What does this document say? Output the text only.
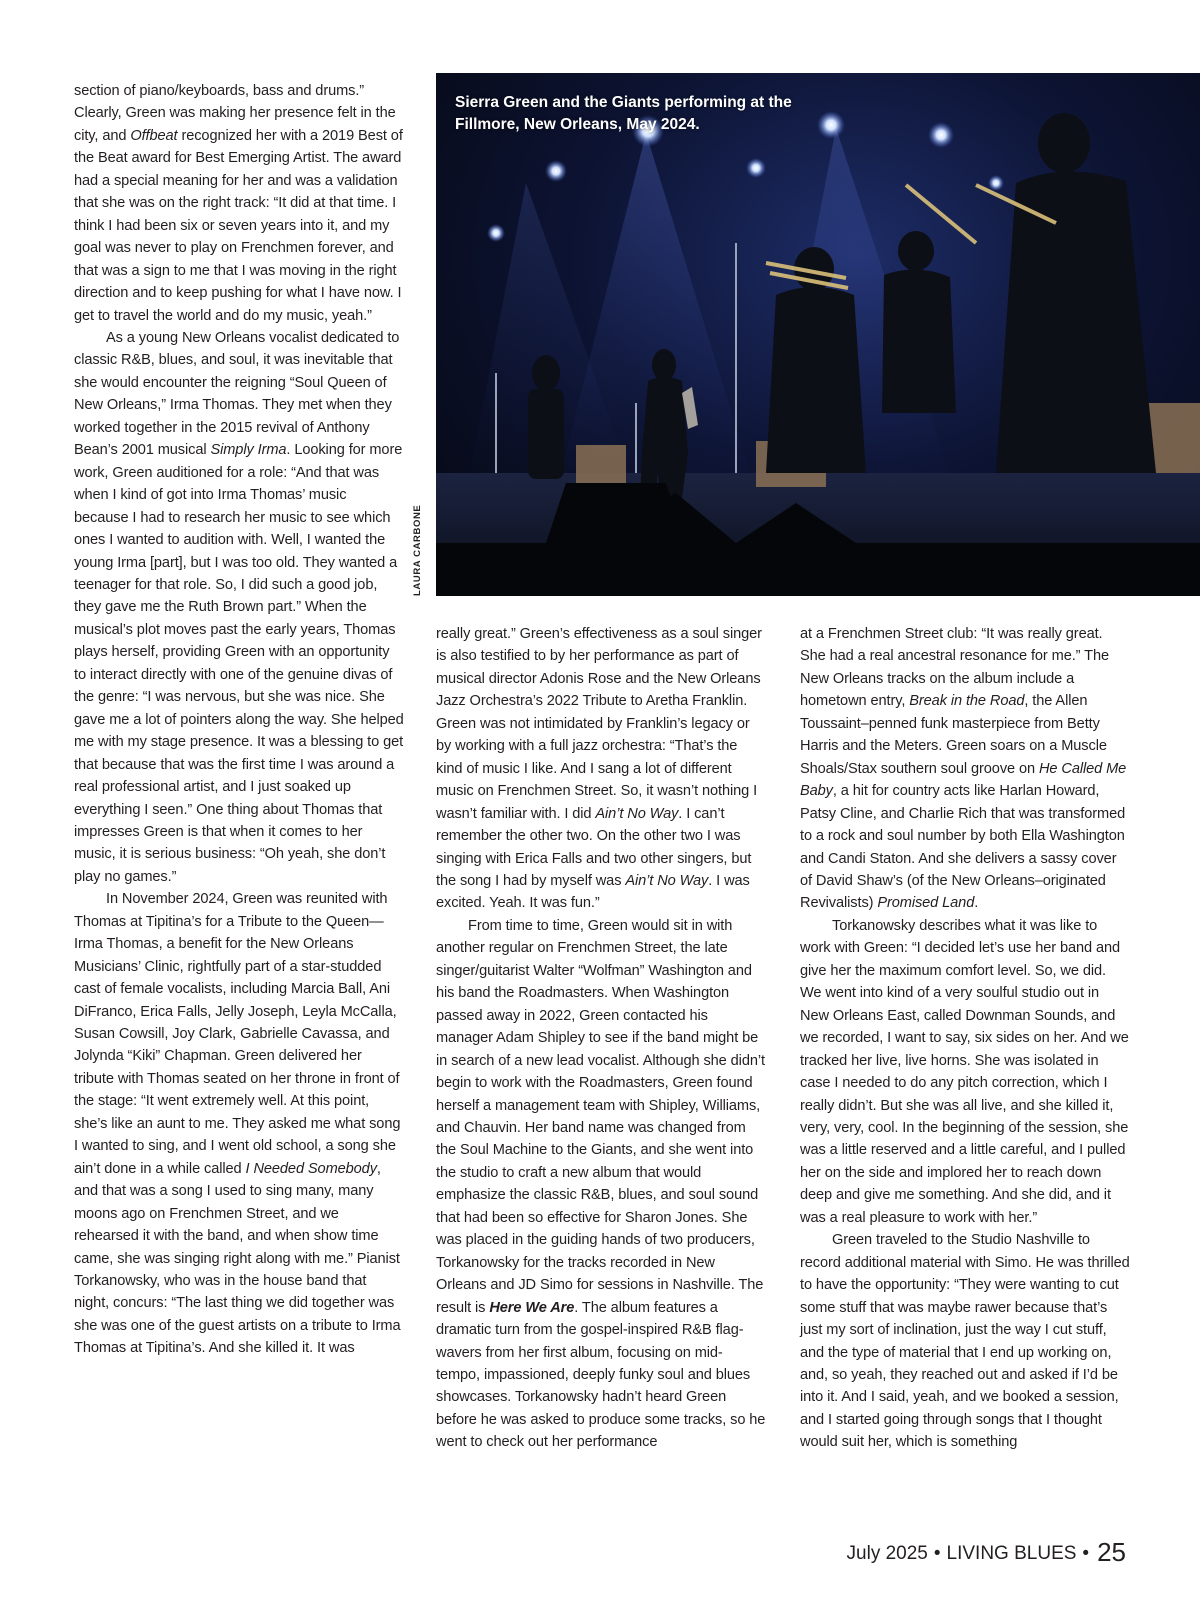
section of piano/keyboards, bass and drums.” Clearly, Green was making her presence felt in the city, and Offbeat recognized her with a 2019 Best of the Beat award for Best Emerging Artist. The award had a special meaning for her and was a validation that she was on the right track: “It did at that time. I think I had been six or seven years into it, and my goal was never to play on Frenchmen forever, and that was a sign to me that I was moving in the right direction and to keep pushing for what I have now. I get to travel the world and do my music, yeah.”

As a young New Orleans vocalist dedicated to classic R&B, blues, and soul, it was inevitable that she would encounter the reigning “Soul Queen of New Orleans,” Irma Thomas. They met when they worked together in the 2015 revival of Anthony Bean’s 2001 musical Simply Irma. Looking for more work, Green auditioned for a role: “And that was when I kind of got into Irma Thomas’ music because I had to research her music to see which ones I wanted to audition with. Well, I wanted the young Irma [part], but I was too old. They wanted a teenager for that role. So, I did such a good job, they gave me the Ruth Brown part.” When the musical’s plot moves past the early years, Thomas plays herself, providing Green with an opportunity to interact directly with one of the genuine divas of the genre: “I was nervous, but she was nice. She gave me a lot of pointers along the way. She helped me with my stage presence. It was a blessing to get that because that was the first time I was around a real professional artist, and I just soaked up everything I seen.” One thing about Thomas that impresses Green is that when it comes to her music, it is serious business: “Oh yeah, she don’t play no games.”

In November 2024, Green was reunited with Thomas at Tipitina’s for a Tribute to the Queen—Irma Thomas, a benefit for the New Orleans Musicians’ Clinic, rightfully part of a star-studded cast of female vocalists, including Marcia Ball, Ani DiFranco, Erica Falls, Jelly Joseph, Leyla McCalla, Susan Cowsill, Joy Clark, Gabrielle Cavassa, and Jolynda “Kiki” Chapman. Green delivered her tribute with Thomas seated on her throne in front of the stage: “It went extremely well. At this point, she’s like an aunt to me. They asked me what song I wanted to sing, and I went old school, a song she ain’t done in a while called I Needed Somebody, and that was a song I used to sing many, many moons ago on Frenchmen Street, and we rehearsed it with the band, and when show time came, she was singing right along with me.” Pianist Torkanowsky, who was in the house band that night, concurs: “The last thing we did together was she was one of the guest artists on a tribute to Irma Thomas at Tipitina’s. And she killed it. It was

Sierra Green and the Giants performing at the Fillmore, New Orleans, May 2024.
LAURA CARBONE

really great.” Green’s effectiveness as a soul singer is also testified to by her performance as part of musical director Adonis Rose and the New Orleans Jazz Orchestra’s 2022 Tribute to Aretha Franklin. Green was not intimidated by Franklin’s legacy or by working with a full jazz orchestra: “That’s the kind of music I like. And I sang a lot of different music on Frenchmen Street. So, it wasn’t nothing I wasn’t familiar with. I did Ain’t No Way. I can’t remember the other two. On the other two I was singing with Erica Falls and two other singers, but the song I had by myself was Ain’t No Way. I was excited. Yeah. It was fun.”

From time to time, Green would sit in with another regular on Frenchmen Street, the late singer/guitarist Walter “Wolfman” Washington and his band the Roadmasters. When Washington passed away in 2022, Green contacted his manager Adam Shipley to see if the band might be in search of a new lead vocalist. Although she didn’t begin to work with the Roadmasters, Green found herself a management team with Shipley, Williams, and Chauvin. Her band name was changed from the Soul Machine to the Giants, and she went into the studio to craft a new album that would emphasize the classic R&B, blues, and soul sound that had been so effective for Sharon Jones. She was placed in the guiding hands of two producers, Torkanowsky for the tracks recorded in New Orleans and JD Simo for sessions in Nashville. The result is Here We Are. The album features a dramatic turn from the gospel-inspired R&B flag-wavers from her first album, focusing on mid-tempo, impassioned, deeply funky soul and blues showcases. Torkanowsky hadn’t heard Green before he was asked to produce some tracks, so he went to check out her performance

at a Frenchmen Street club: “It was really great. She had a real ancestral resonance for me.” The New Orleans tracks on the album include a hometown entry, Break in the Road, the Allen Toussaint–penned funk masterpiece from Betty Harris and the Meters. Green soars on a Muscle Shoals/Stax southern soul groove on He Called Me Baby, a hit for country acts like Harlan Howard, Patsy Cline, and Charlie Rich that was transformed to a rock and soul number by both Ella Washington and Candi Staton. And she delivers a sassy cover of David Shaw’s (of the New Orleans–originated Revivalists) Promised Land.

Torkanowsky describes what it was like to work with Green: “I decided let’s use her band and give her the maximum comfort level. So, we did. We went into kind of a very soulful studio out in New Orleans East, called Downman Sounds, and we recorded, I want to say, six sides on her. And we tracked her live, live horns. She was isolated in case I needed to do any pitch correction, which I really didn’t. But she was all live, and she killed it, very, very, cool. In the beginning of the session, she was a little reserved and a little careful, and I pulled her on the side and implored her to reach down deep and give me something. And she did, and it was a real pleasure to work with her.”

Green traveled to the Studio Nashville to record additional material with Simo. He was thrilled to have the opportunity: “They were wanting to cut some stuff that was maybe rawer because that’s just my sort of inclination, just the way I cut stuff, and the type of material that I end up working on, and, so yeah, they reached out and asked if I’d be into it. And I said, yeah, and we booked a session, and I started going through songs that I thought would suit her, which is something

July 2025 • LIVING BLUES • 25
